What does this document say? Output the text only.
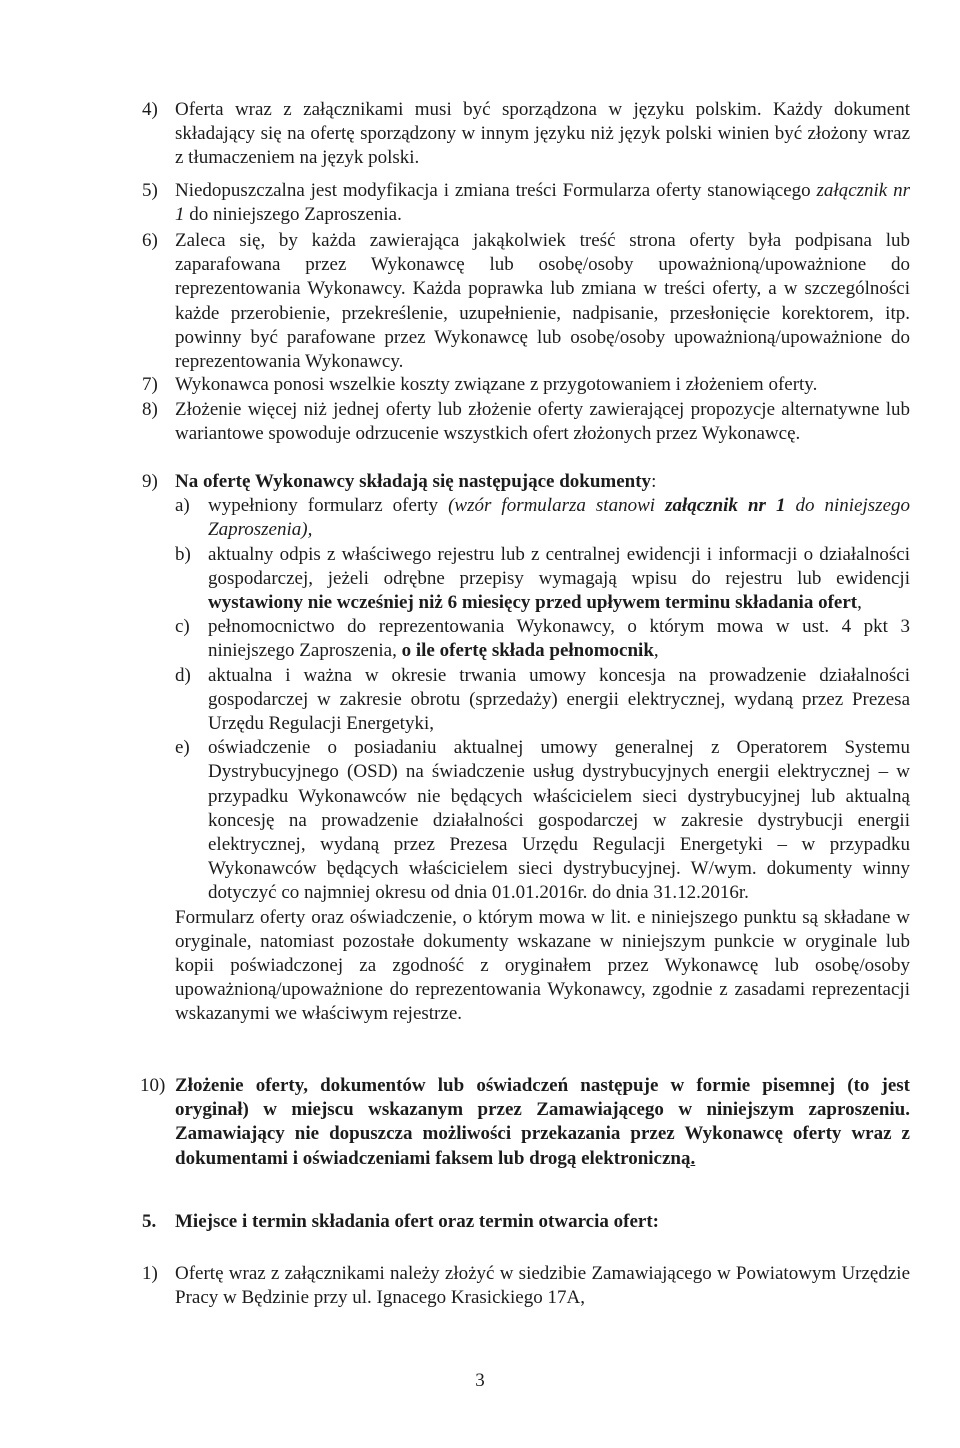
4) Oferta wraz z załącznikami musi być sporządzona w języku polskim. Każdy dokument składający się na ofertę sporządzony w innym języku niż język polski winien być złożony wraz z tłumaczeniem na język polski.
5) Niedopuszczalna jest modyfikacja i zmiana treści Formularza oferty stanowiącego załącznik nr 1 do niniejszego Zaproszenia.
6) Zaleca się, by każda zawierająca jakąkolwiek treść strona oferty była podpisana lub zaparafowana przez Wykonawcę lub osobę/osoby upoważnioną/upoważnione do reprezentowania Wykonawcy. Każda poprawka lub zmiana w treści oferty, a w szczególności każde przerobienie, przekreślenie, uzupełnienie, nadpisanie, przesłonięcie korektorem, itp. powinny być parafowane przez Wykonawcę lub osobę/osoby upoważnioną/upoważnione do reprezentowania Wykonawcy.
7) Wykonawca ponosi wszelkie koszty związane z przygotowaniem i złożeniem oferty.
8) Złożenie więcej niż jednej oferty lub złożenie oferty zawierającej propozycje alternatywne lub wariantowe spowoduje odrzucenie wszystkich ofert złożonych przez Wykonawcę.
9) Na ofertę Wykonawcy składają się następujące dokumenty:
a) wypełniony formularz oferty (wzór formularza stanowi załącznik nr 1 do niniejszego Zaproszenia),
b) aktualny odpis z właściwego rejestru lub z centralnej ewidencji i informacji o działalności gospodarczej, jeżeli odrębne przepisy wymagają wpisu do rejestru lub ewidencji wystawiony nie wcześniej niż 6 miesięcy przed upływem terminu składania ofert,
c) pełnomocnictwo do reprezentowania Wykonawcy, o którym mowa w ust. 4 pkt 3 niniejszego Zaproszenia, o ile ofertę składa pełnomocnik,
d) aktualna i ważna w okresie trwania umowy koncesja na prowadzenie działalności gospodarczej w zakresie obrotu (sprzedaży) energii elektrycznej, wydaną przez Prezesa Urzędu Regulacji Energetyki,
e) oświadczenie o posiadaniu aktualnej umowy generalnej z Operatorem Systemu Dystrybucyjnego (OSD) na świadczenie usług dystrybucyjnych energii elektrycznej – w przypadku Wykonawców nie będących właścicielem sieci dystrybucyjnej lub aktualną koncesję na prowadzenie działalności gospodarczej w zakresie dystrybucji energii elektrycznej, wydaną przez Prezesa Urzędu Regulacji Energetyki – w przypadku Wykonawców będących właścicielem sieci dystrybucyjnej. W/wym. dokumenty winny dotyczyć co najmniej okresu od dnia 01.01.2016r. do dnia 31.12.2016r.
Formularz oferty oraz oświadczenie, o którym mowa w lit. e niniejszego punktu są składane w oryginale, natomiast pozostałe dokumenty wskazane w niniejszym punkcie w oryginale lub kopii poświadczonej za zgodność z oryginałem przez Wykonawcę lub osobę/osoby upoważnioną/upoważnione do reprezentowania Wykonawcy, zgodnie z zasadami reprezentacji wskazanymi we właściwym rejestrze.
10) Złożenie oferty, dokumentów lub oświadczeń następuje w formie pisemnej (to jest oryginał) w miejscu wskazanym przez Zamawiającego w niniejszym zaproszeniu. Zamawiający nie dopuszcza możliwości przekazania przez Wykonawcę oferty wraz z dokumentami i oświadczeniami faksem lub drogą elektroniczną.
5. Miejsce i termin składania ofert oraz termin otwarcia ofert:
1) Ofertę wraz z załącznikami należy złożyć w siedzibie Zamawiającego w Powiatowym Urzędzie Pracy w Będzinie przy ul. Ignacego Krasickiego 17A,
3
